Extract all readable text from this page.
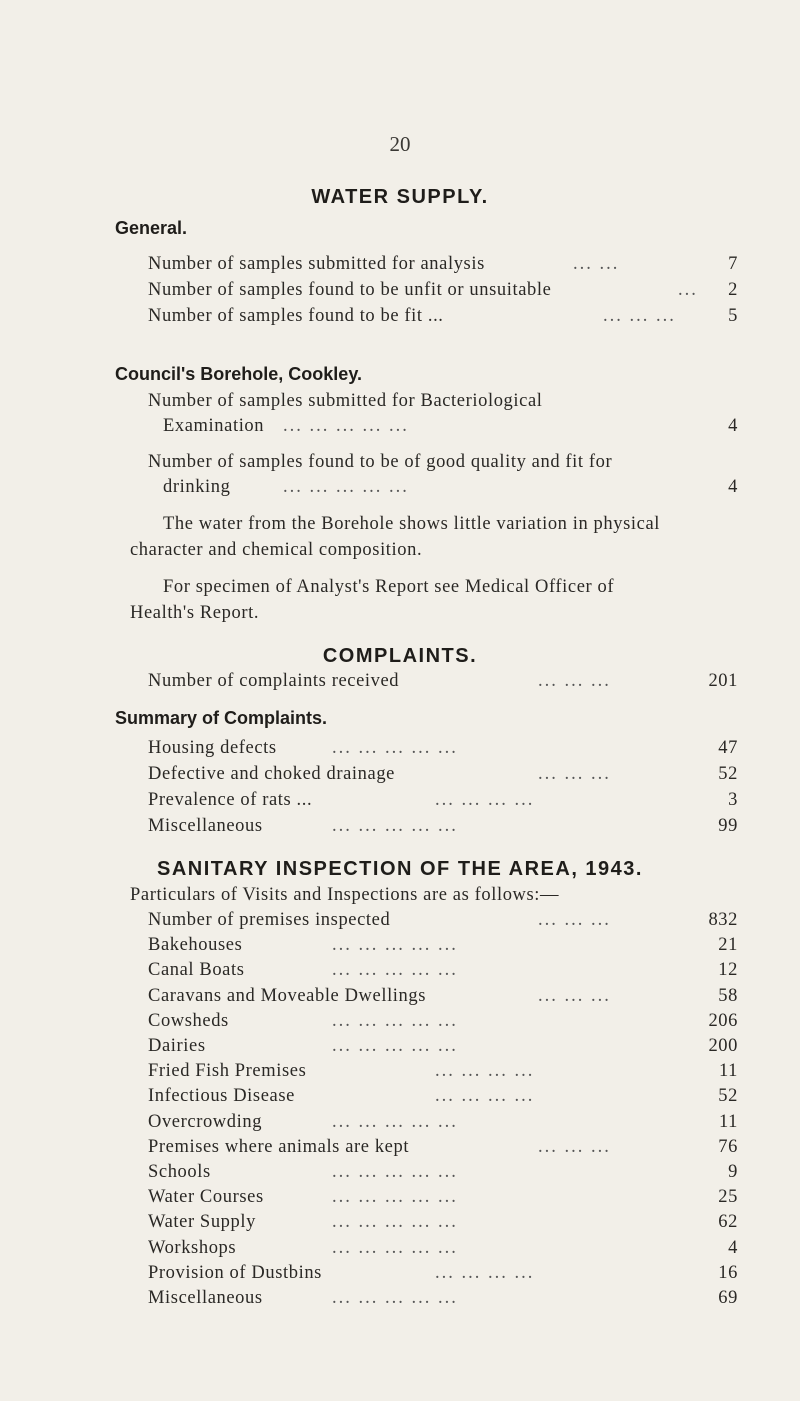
20
WATER SUPPLY.
General.
Number of samples submitted for analysis	... ...	7
Number of samples found to be unfit or unsuitable	... 2
Number of samples found to be fit ...	... ... ...	5
Council's Borehole, Cookley.
Number of samples submitted for Bacteriological
Examination ... ... ... ... ...	4
Number of samples found to be of good quality and fit for
drinking	... ... ... ... ...	4
The water from the Borehole shows little variation in physical
character and chemical composition.
For specimen of Analyst's Report see Medical Officer of
Health's Report.
COMPLAINTS.
Number of complaints received	... ... ...	201
Summary of Complaints.
Housing defects	... ... ... ... ...	47
Defective and choked drainage	... ... ...	52
Prevalence of rats ...	... ... ... ...	3
Miscellaneous	... ... ... ... ...	99
SANITARY INSPECTION OF THE AREA, 1943.
Particulars of Visits and Inspections are as follows:—
Number of premises inspected	... ... ...	832
Bakehouses	... ... ... ... ...	21
Canal Boats	... ... ... ... ...	12
Caravans and Moveable Dwellings	... ... ...	58
Cowsheds	... ... ... ... ...	206
Dairies	... ... ... ... ...	200
Fried Fish Premises	... ... ... ...	11
Infectious Disease	... ... ... ...	52
Overcrowding	... ... ... ... ...	11
Premises where animals are kept	... ... ...	76
Schools	... ... ... ... ...	9
Water Courses	... ... ... ... ...	25
Water Supply	... ... ... ... ...	62
Workshops	... ... ... ... ...	4
Provision of Dustbins	... ... ... ...	16
Miscellaneous	... ... ... ... ...	69
